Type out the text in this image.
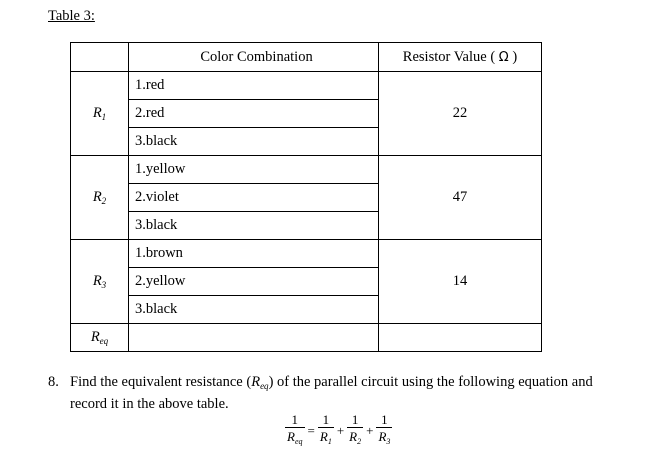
Table 3:
	Color Combination	Resistor Value ( Ω )
$R_1$	1.red	22
	2.red	
	3.black	
$R_2$	1.yellow	47
	2.violet	
	3.black	
$R_3$	1.brown	14
	2.yellow	
	3.black	
$R_{eq}$		
8. Find the equivalent resistance $(R_{eq})$ of the parallel circuit using the following equation and record it in the above table.
$\frac{1}{R_{eq}} = \frac{1}{R_1} + \frac{1}{R_2} + \frac{1}{R_3}$
